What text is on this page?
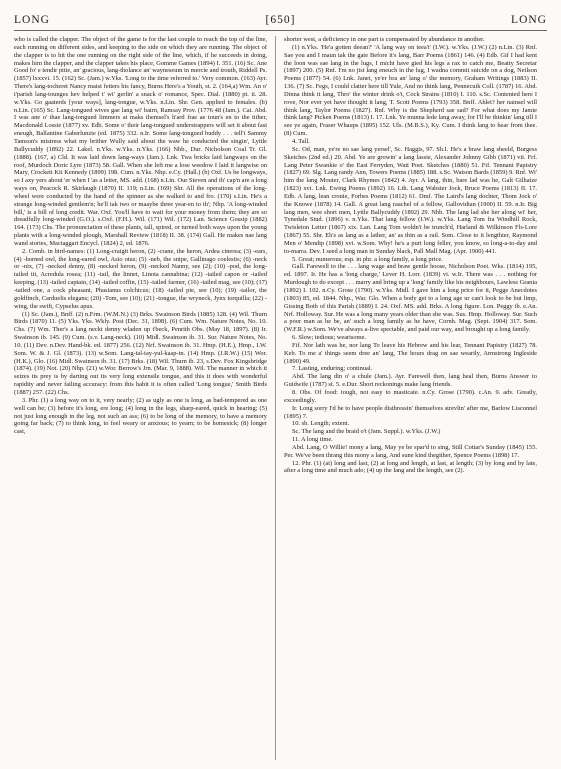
LONG	[650]	LONG

who is called the clapper. The object of the game is for the last couple to reach the top of the line, each running on different sides, and keeping to the side on which they are running. The object of the clapper is to hit the one running on the right side of the line, which, if he succeeds in doing, makes him the clapper, and the clapper takes his place, Gomme Games (1894) I. 351. (16) Sc. Ane Good fo' e tendir pitie, an' gracious, lang-tholance an' wayneseum in mercie and trouth, Riddell Ps. (1857) lxxxvi. 15. (162) Sc. (Jam.) w.Yks. 'Long to the time referred to.' Very common. (163) Ayr. There's lang-tocheret Nancy maist fetters his fancy, Burns Here's a Youth, st. 2. (164,a) Wm. An o' t'parish lang-tounges hev helped t' wi' gerlin' a snack o' romance, Spec. Dial. (1880) pt. ii. 28. w.Yks. Go gaaterds [your ways], lang-tongue, w.Yks. n.Lin. Shr. Gen. applied to females. (b) n.Lin. (165) Sc. Lang-tongued wives gae lang wi' bairn, Ramsay Prov. (1776 48 (Jam.). Cai. Abd. I was ane o' thae lang-tongued limmers at maks themsel's h'ard frae ae toun's en to the tither, Macdonald Lossie (1877) xv. Edb. Some o' their lang-tongued understrappers will set it about fast eneugh, Ballantine Gaberlunzie (ed. 1875) 332. n.Ir. Some lang-tongued buddy . . . tell't Sammy Tamson's mistress what my brither Wully said about the waw he conducted the singin', Lyttle Ballycuddy (1892) 22. Lakel. n.Yks. w.Yks. n.Yks. (166) Nhb., Dur. Nicholson Coal Tr. Gl. (1888). (167, a) Cld. It was laid down lang-ways (Jam.). Lnk. Twa bricks laid langways on the roof, Murdoch Doric Lyre (1873) 58. Gall. When she left me a lose weedow I laid it langwise on Mary, Crockett Kit Kennedy (1899) 198. Cum. n.Yks. Nhp. e.Cy. (Hall.) (b) Oxf. Us be longways, so I axy yers about 'er when I 'as a letter, MS. add. (168) n.Lin. Our Steven and th' cap'n are a long ways on, Peacock R. Skirlaugh (1870) II. 119; n.Lin. (169) Shr. All the operations of the long-wheel were conducted by the hand of the spinner as she walked to and fro. (170) s.Lin. He's a strange long-winded gentlem'n; he'll tak two or maaybe three year-en to th'; Nhp. 'A long-winded bill,' is a bill of long credit. War. Oxf. You'll have to wait for your money from them; they are so dreadfully long-winded (G.O.). s.Oxf. (F.H.). Wil. (171) Wil. (172) Lan. Science Gossip (1882) 164. (173) Chs. The pronunciation of these plants, tall, spired, or turned both ways upon the young plants with a long-winded plough, Marshall Review (1818) II. 38. (174) Gall. He makes nae lang wand stories, Mactaggart Encycl. (1824) 2, ed. 1876.

2. Comb. in bird-names: (1) Long-craigit heron, (2) -crane, the heron, Ardea cinerea; (3) -ears, (4) -horned owl, the long-eared owl, Asio otus; (5) -neb, the snipe, Gallinago coelestis; (6) -neck or -nix, (7) -necked denny, (8) -necked heron, (9) -necked Nanny, see (2); (10) -pod, the long-tailed tit, Acredula rosea; (11) -tail, the linnet, Linota cannabina; (12) -tailed capon or -tailed keeping, (13) -tailed captain, (14) -tailed coffin, (15) -tailed farmer, (16) -tailed mag, see (10); (17) -tailed one, a cock pheasant, Phasianus colchicus; (18) -tailed pie, see (10); (19) -tailor, the goldfinch, Carduelis elegans; (20) -Tom, see (10); (21) -tongue, the wryneck, Jynx torquilla; (22) -wing, the swift, Cypselus apus.

(1) Sc. (Jam.), Bnff. (2) n.Frm. (W.M.N.) (3) Brks. Swainson Birds (1885) 128. (4) Wil. Thurn Birds (1870) 11. (5) Yks. Yks. Wkly. Post (Dec. 31, 1898). (6) Cum. Wm. Nature Notes, No. 10. Chs. (7) Wm. Ther's a lang neckt denny wladen up t'beck, Penrith Obs. (May 18, 1897). (8) Ir. Swainson ib. 145. (9) Cum. (s.v. Lang-neck). (10) Midl. Swainson ib. 31. Sur. Nature Notes, No. 10. (11) Dev. n.Dev. Hand-bk. ed. 1877) 256. (12) Nrf. Swainson ib. 31. Hmp. (H.E.), Hmp., I.W. Som. W. & J. Gl. (1873). (13) w.Som. Lang-tal-tay-yul-kaap-tn. (14) Hmp. (J.R.W.) (15) Wor. (H.K.), Glo. (16) Midl. Swainson ib. 31. (17) Brks. (18) Wil. Thurn ib. 23, s.Dev. Fox Kingsbridge (1874). (19) Not. (20) Nhp. (21) w.Wor. Berrow's Jrn. (Mar. 9, 1888). Wil. The manner in which it seizes its prey is by darting out its very long extensile tongue, and this it does with wonderful rapidity and never failing accuracy: from this habit it is often called 'Long tongue,' Smith Birds (1887) 257. (22) Chs.

3. Phr. (1) a long way on to it, very nearly; (2) as ugly as one is long, as bad-tempered as one well can be; (3) before it's long, ere long; (4) long in the legs, sharp-eared, quick in hearing; (5) not just long enough in the leg, not such an ass; (6) to be long of the memory, to have a memory going far back; (7) to think long, to feel weary or anxious; to yearn; to be homesick; (8) longer cast,

shorter west, a deficiency in one part is compensated by abundance in another.

(1) n.Yks. 'He'a gotten deean?' 'A lang way on teea't' (I.W.). w.Yks. (J.W.) (2) n.Lin. (3) Rnf. Sae you and I maun tak the gate Before it's lang, Barr Poems (1861) 146. (4) Edb. Gif I had kent the loon was sae lang in the lugs, I micht have gied his legs a rax to catch me, Beatty Secretar (1897) 200. (5) Rnf. I'm no jist lang eneuch in the lug, I wadna commit suicide on a dog, Neilson Poems (1877) 54. (6) Lnk. Janet, ye'er bra an' lang o' the memory, Graham Writings (1883) II. 136. (7) Sc. Fegs, I could clatter here till Yule, And no think lang, Pennecuik Coll. (1787) 16. Abd. Dinna think it lang, Thro' the winter drink o't, Cock Strains (1810) I. 110. s.Sc. Contented here I rove, Nor ever yet have thought it lang, T. Scott Poems (1793) 358. Bnff. Ahlet? her nainsel will think lang, Taylor Poems (1827). Rnf. Why is the Shepherd sae sad? For what does my Jamie think lang? Picken Poems (1813) I. 17. Lnk. Ye munna lede lang away, for I'll be thinkin' lang till I see ye again, Fraser Whaups (1895) 152. Uls. (M.B.S.), Ky. Cum. I think lang to hear from thee. (8) Cum.

4. Tall.

Sc. Od, man, ye're no sae lang yersel', Sc. Haggis, 97. Sh.I. He's a braw lang sheeld, Burgess Sketches (2nd ed.) 20. Abd. Ye are growin' a lang lassie, Alexander Johnny Gibb (1871) vii. Frf. Lang Peter Swankie o' the East Ferryden, Watt Poet. Sketches (1880) 51. Fif. Tennant Papistry (1827) 69. Slg. Lang randy Ann, Towers Poems (1885) 188. s.Sc. Watson Bards (1859) 9. Rnf. Wi' him the lang Mouter, Clark Rhymes (1842) 4. Ayr. A lang, thin, bare lad was he, Galt Gilhaize (1823) xvi. Lnk. Ewing Poems (1892) 16. Lth. Lang Wabster Jock, Bruce Poems (1813) II. 17. Edb. A lang, lean cronie, Forbes Poems (1812) 61. Dmf. The Laird's lang dochter, Thom Jock o' the Knowe (1878) 14. Gall. A great lang raachel of a fellow, Gallovidian (1900) II. 59. n.Ir. Big lang men, wee short men, Lyttle Ballycuddy (1892) 29. Nhb. The lang lad she her along wi' her, Tynedale Stud. (1896) v. n.Yks. That lang fellow (I.W.). w.Yks. Lang Tom fra Windhill Rock, Twisleton Letter (1867) xix. Lan. Lang Tom woldn't be trunch'd, Harland & Wilkinson Fls-Lore (1867) 55. Shr. Eh's as lang as a lather, an' as thin as a rail. Som. Close to it lengthier, Raymond Men o' Mendip (1898) xvi. w.Som. Why! he's a purt long feller, you know, so long-a-to-day and to-marra. Dev. I seed a long man in Sunday black, Pall Mall Mag. (Apr. 1900) 441.

5. Great; numerous; esp. in phr. a long family, a long price.

Gall. Farewell to the . . . lang wage and braw gentle hoose, Nicholson Poet. Wks. (1814) 195, ed. 1897. Ir. He has a 'long charge,' Lever H. Lorr. (1839) vi. w.Ir. There was . . . nothing for Murdough to do except . . . marry and bring up a 'long' family like his neighbours, Lawless Grania (1892) I. 102. n.Cy. Grose (1790). w.Yks. Midl. I gave him a long price for it, Pegge Anecdotes (1803) 85, ed. 1844. Nhp., War. Glo. When a body get to a long age ur can't look to be but limp, Gissing Both of this Parish (1889) I. 24. Oxf. MS. add. Brks. A long figure. Lon. Peggy ib. e.An. Nrf. Holloway. Sur. He was a long many years older than she was. Sus. Hmp. Holloway. Sur. Such a poor man as he be, an' such a long family as he have, Cornh. Mag. (Sept. 1904) 317. Som. (W.F.R.) w.Som. We've always a-live spectable, and paid our way, and brought up a long family.

6. Slow; tedious; wearisome.

Fif. Nor lath was he, nor lang To leave his Hebrew and his lear, Tennant Papistry (1827) 78. Keb. To me a' things seem dree an' lang, The hours drag on sae wearily, Armstrong Ingleside (1890) 49.

7. Lasting, enduring; continual.

Abd. The lang din o' a chule (Jam.). Ayr. Farewell then, lang heal then, Burns Answer to Guidwife (1787) st. 5. e.Dur. Short reckonings make lang friends.

8. Obs. Of food: tough, not easy to masticate. n.Cy. Grose (1790). c.An. 9. adv. Greatly, exceedingly.

Ir. Long sorry I'd be to have people disthressin' themselves strevlin' after me, Barlow Lisconnel (1895) 7.

10. sb. Length; extent.

Sc. The lang and the braid o't (Jam. Suppl.). w.Yks. (J.W.)

11. A long time.

Abd. Lang, O Willie! mony a lang, May ye be spar'd to sing, Still Cottar's Sunday (1845) 155. Per. We've been thrang this mony a lang, And sune kind thegither, Spence Poems (1898) 17.

12. Phr. (1) (at) long and last, (2) at long and length, at last, at length; (3) by long and by late, after a long time and much ado; (4) up the lang and the length, see (2).
